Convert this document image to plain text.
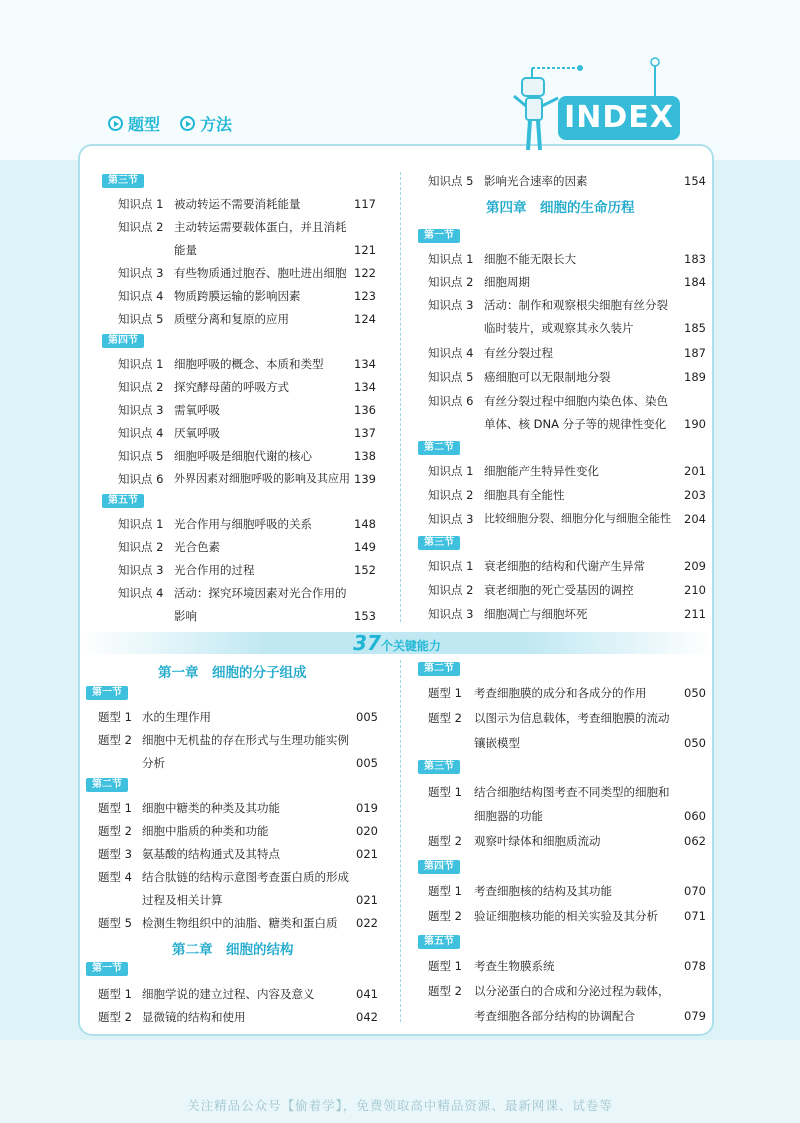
题型	方法	INDEX
第三节
知识点 1 被动转运不需要消耗能量	117
知识点 2 主动转运需要载体蛋白，并且消耗
能量	121
知识点 3 有些物质通过胞吞、胞吐进出细胞 122
知识点 4 物质跨膜运输的影响因素	123
知识点 5 质壁分离和复原的应用	124
第四节
知识点 1 细胞呼吸的概念、本质和类型	134
知识点 2 探究酵母菌的呼吸方式	134
知识点 3 需氧呼吸	136
知识点 4 厌氧呼吸	137
知识点 5 细胞呼吸是细胞代谢的核心	138
知识点 6 外界因素对细胞呼吸的影响及其应用 139
第五节
知识点 1 光合作用与细胞呼吸的关系	148
知识点 2 光合色素	149
知识点 3 光合作用的过程	152
知识点 4 活动：探究环境因素对光合作用的
影响	153
知识点 5 影响光合速率的因素	154
第四章　细胞的生命历程
第一节
知识点 1 细胞不能无限长大	183
知识点 2 细胞周期	184
知识点 3 活动：制作和观察根尖细胞有丝分裂
临时装片，或观察其永久装片	185
知识点 4 有丝分裂过程	187
知识点 5 癌细胞可以无限制地分裂	189
知识点 6 有丝分裂过程中细胞内染色体、染色
单体、核 DNA 分子等的规律性变化 190
第二节
知识点 1 细胞能产生特异性变化	201
知识点 2 细胞具有全能性	203
知识点 3 比较细胞分裂、细胞分化与细胞全能性 204
第三节
知识点 1 衰老细胞的结构和代谢产生异常	209
知识点 2 衰老细胞的死亡受基因的调控	210
知识点 3 细胞凋亡与细胞坏死	211
37个关键能力
第一章　细胞的分子组成
第一节
题型 1 水的生理作用	005
题型 2 细胞中无机盐的存在形式与生理功能实例
分析	005
第二节
题型 1 细胞中糖类的种类及其功能	019
题型 2 细胞中脂质的种类和功能	020
题型 3 氨基酸的结构通式及其特点	021
题型 4 结合肽链的结构示意图考查蛋白质的形成
过程及相关计算	021
题型 5 检测生物组织中的油脂、糖类和蛋白质 022
第二章　细胞的结构
第一节
题型 1 细胞学说的建立过程、内容及意义	041
题型 2 显微镜的结构和使用	042
第二节
题型 1 考查细胞膜的成分和各成分的作用	050
题型 2 以图示为信息载体，考查细胞膜的流动
镶嵌模型	050
第三节
题型 1 结合细胞结构图考查不同类型的细胞和
细胞器的功能	060
题型 2 观察叶绿体和细胞质流动	062
第四节
题型 1 考查细胞核的结构及其功能	070
题型 2 验证细胞核功能的相关实验及其分析 071
第五节
题型 1 考查生物膜系统	078
题型 2 以分泌蛋白的合成和分泌过程为载体，
考查细胞各部分结构的协调配合	079
关注精品公众号【偷着学】，免费领取高中精品资源、最新网课、试卷等
